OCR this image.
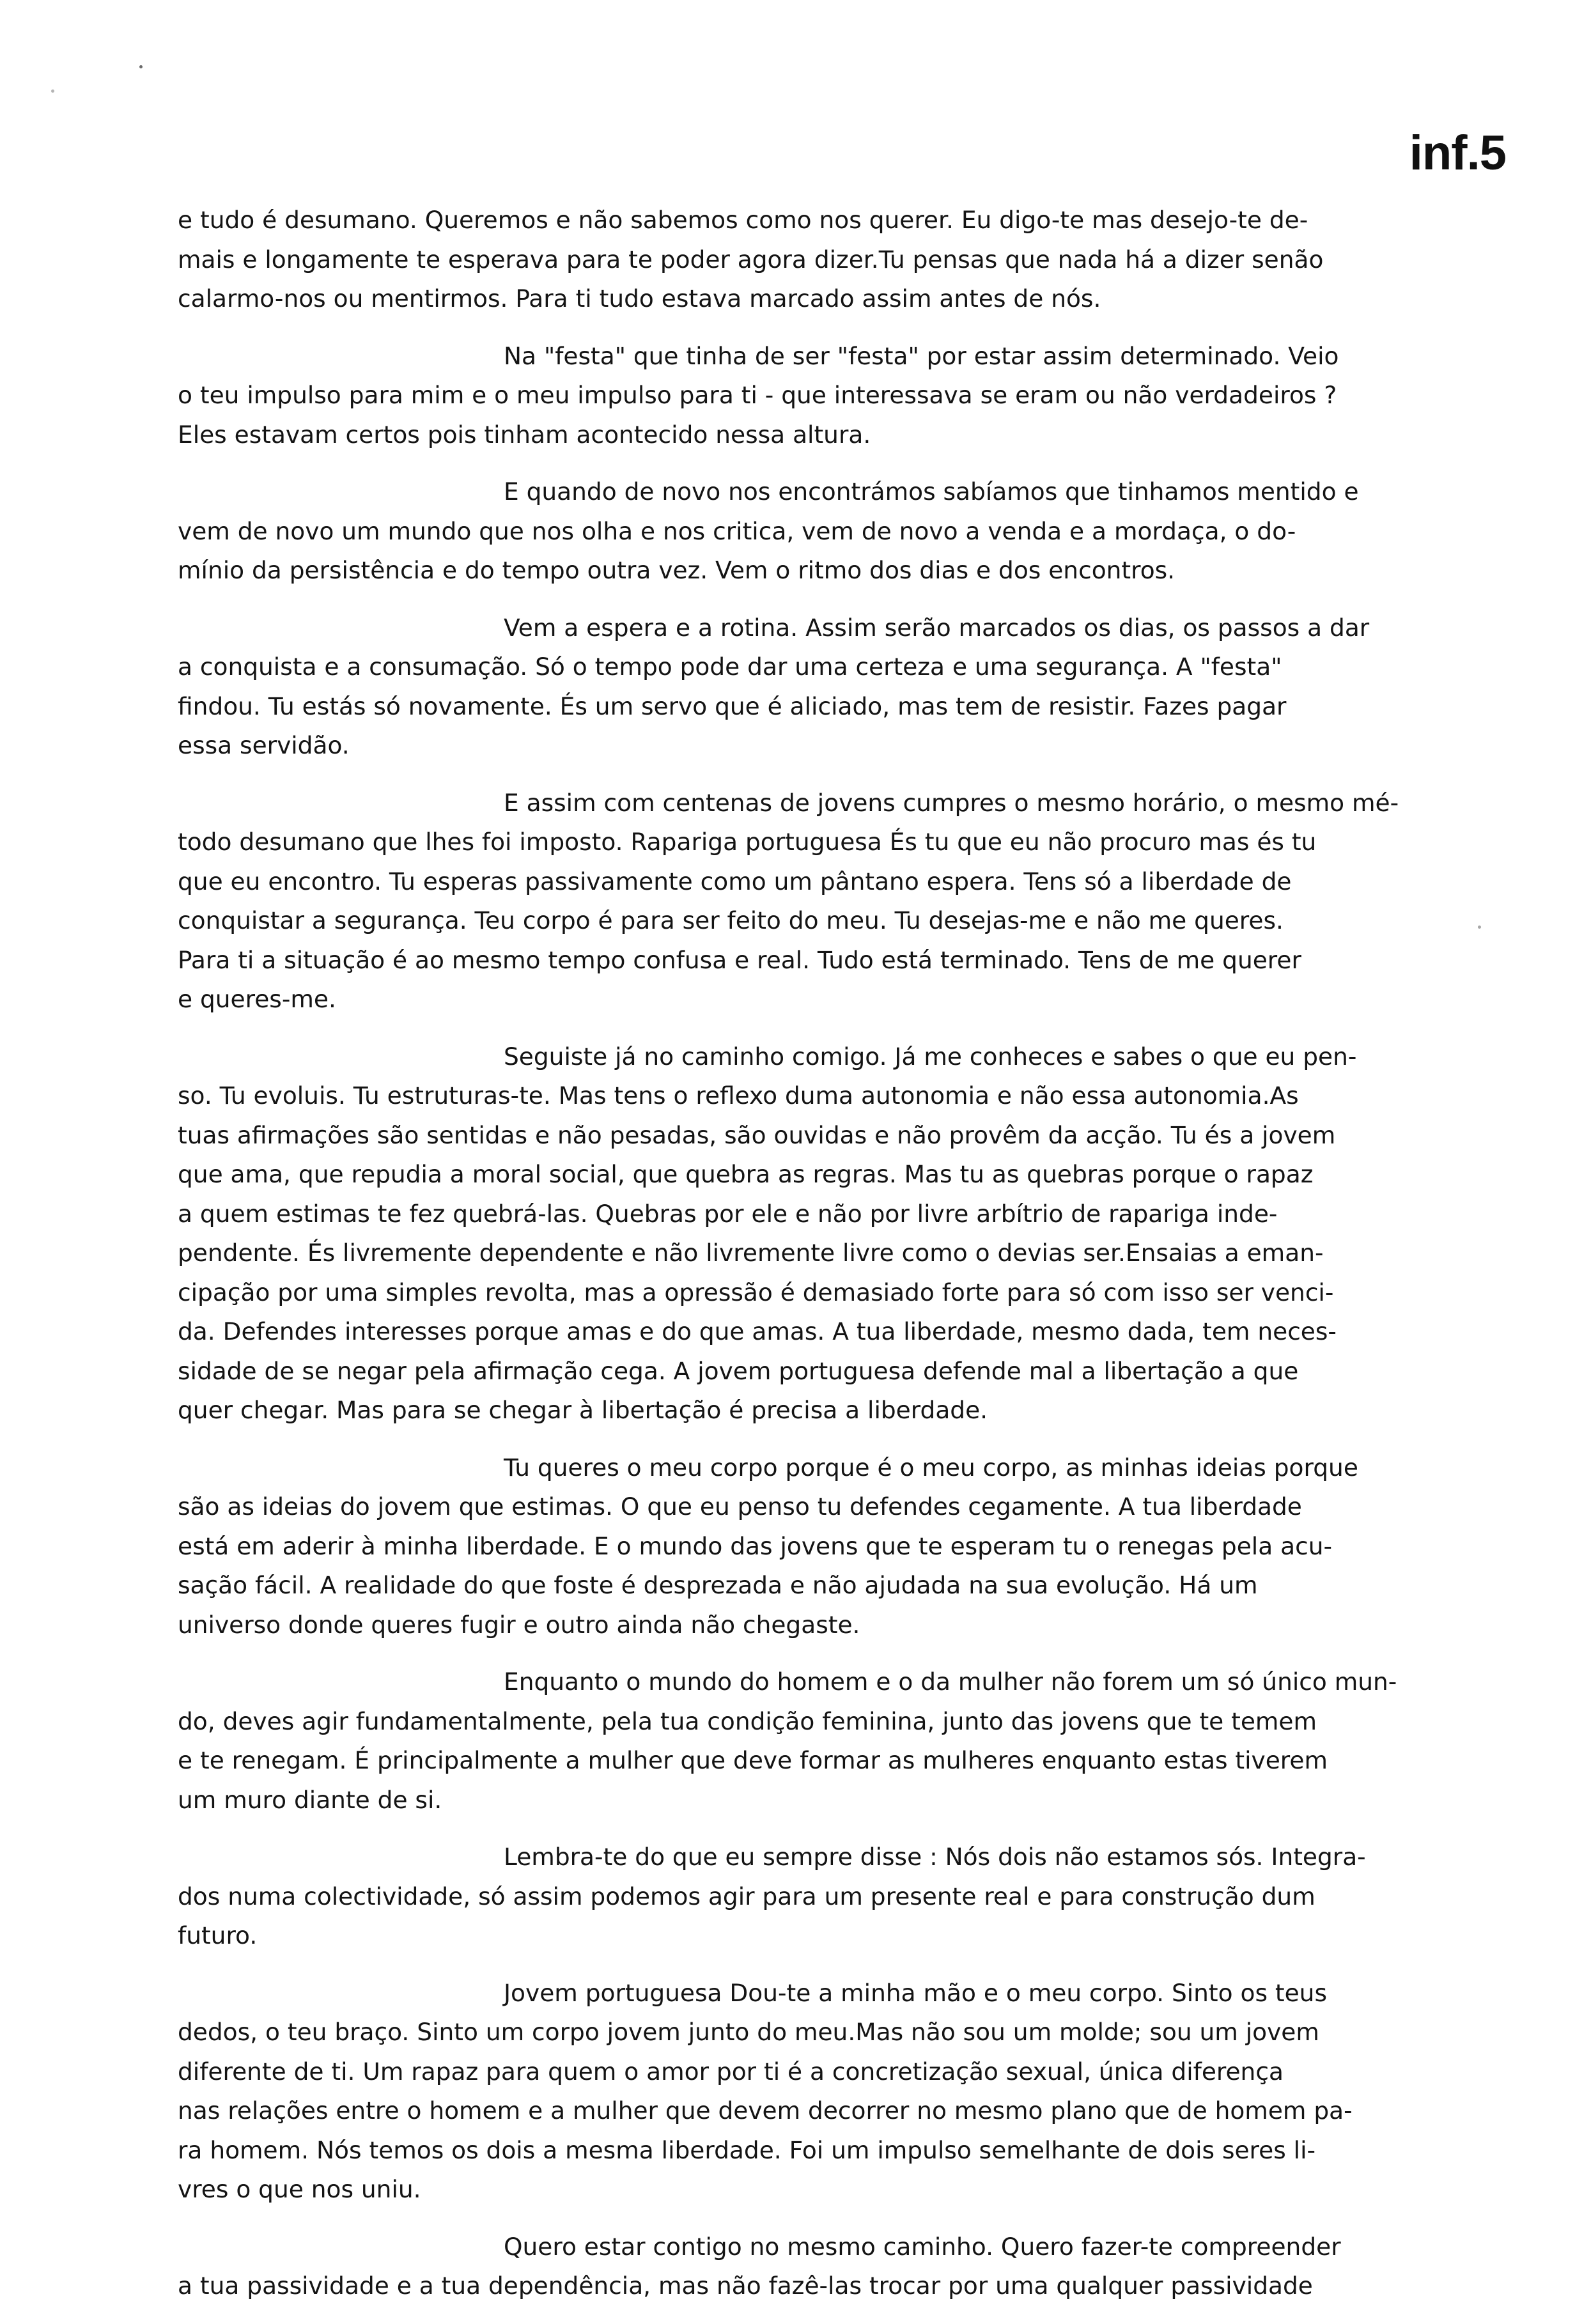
inf.5

e tudo é desumano. Queremos e não sabemos como nos querer. Eu digo-te mas desejo-te de-
mais e longamente te esperava para te poder agora dizer.Tu pensas que nada há a dizer senão
calarmo-nos ou mentirmos. Para ti tudo estava marcado assim antes de nós.

Na "festa" que tinha de ser "festa" por estar assim determinado. Veio
o teu impulso para mim e o meu impulso para ti - que interessava se eram ou não verdadeiros ?
Eles estavam certos pois tinham acontecido nessa altura.

E quando de novo nos encontrámos sabíamos que tinhamos mentido e
vem de novo um mundo que nos olha e nos critica, vem de novo a venda e a mordaça, o do-
mínio da persistência e do tempo outra vez. Vem o ritmo dos dias e dos encontros.

Vem a espera e a rotina. Assim serão marcados os dias, os passos a dar
a conquista e a consumação. Só o tempo pode dar uma certeza e uma segurança. A "festa"
findou. Tu estás só novamente. És um servo que é aliciado, mas tem de resistir. Fazes pagar
essa servidão.

E assim com centenas de jovens cumpres o mesmo horário, o mesmo mé-
todo desumano que lhes foi imposto. Rapariga portuguesa És tu que eu não procuro mas és tu
que eu encontro. Tu esperas passivamente como um pântano espera. Tens só a liberdade de
conquistar a segurança. Teu corpo é para ser feito do meu. Tu desejas-me e não me queres.
Para ti a situação é ao mesmo tempo confusa e real. Tudo está terminado. Tens de me querer
e queres-me.

Seguiste já no caminho comigo. Já me conheces e sabes o que eu pen-
so. Tu evoluis. Tu estruturas-te. Mas tens o reflexo duma autonomia e não essa autonomia.As
tuas afirmações são sentidas e não pesadas, são ouvidas e não provêm da acção. Tu és a jovem
que ama, que repudia a moral social, que quebra as regras. Mas tu as quebras porque o rapaz
a quem estimas te fez quebrá-las. Quebras por ele e não por livre arbítrio de rapariga inde-
pendente. És livremente dependente e não livremente livre como o devias ser.Ensaias a eman-
cipação por uma simples revolta, mas a opressão é demasiado forte para só com isso ser venci-
da. Defendes interesses porque amas e do que amas. A tua liberdade, mesmo dada, tem neces-
sidade de se negar pela afirmação cega. A jovem portuguesa defende mal a libertação a que
quer chegar. Mas para se chegar à libertação é precisa a liberdade.

Tu queres o meu corpo porque é o meu corpo, as minhas ideias porque
são as ideias do jovem que estimas. O que eu penso tu defendes cegamente. A tua liberdade
está em aderir à minha liberdade. E o mundo das jovens que te esperam tu o renegas pela acu-
sação fácil. A realidade do que foste é desprezada e não ajudada na sua evolução. Há um
universo donde queres fugir e outro ainda não chegaste.

Enquanto o mundo do homem e o da mulher não forem um só único mun-
do, deves agir fundamentalmente, pela tua condição feminina, junto das jovens que te temem
e te renegam. É principalmente a mulher que deve formar as mulheres enquanto estas tiverem
um muro diante de si.

Lembra-te do que eu sempre disse : Nós dois não estamos sós. Integra-
dos numa colectividade, só assim podemos agir para um presente real e para construção dum
futuro.

Jovem portuguesa Dou-te a minha mão e o meu corpo. Sinto os teus
dedos, o teu braço. Sinto um corpo jovem junto do meu.Mas não sou um molde; sou um jovem
diferente de ti. Um rapaz para quem o amor por ti é a concretização sexual, única diferença
nas relações entre o homem e a mulher que devem decorrer no mesmo plano que de homem pa-
ra homem. Nós temos os dois a mesma liberdade. Foi um impulso semelhante de dois seres li-
vres o que nos uniu.

Quero estar contigo no mesmo caminho. Quero fazer-te compreender
a tua passividade e a tua dependência, mas não fazê-las trocar por uma qualquer passividade
